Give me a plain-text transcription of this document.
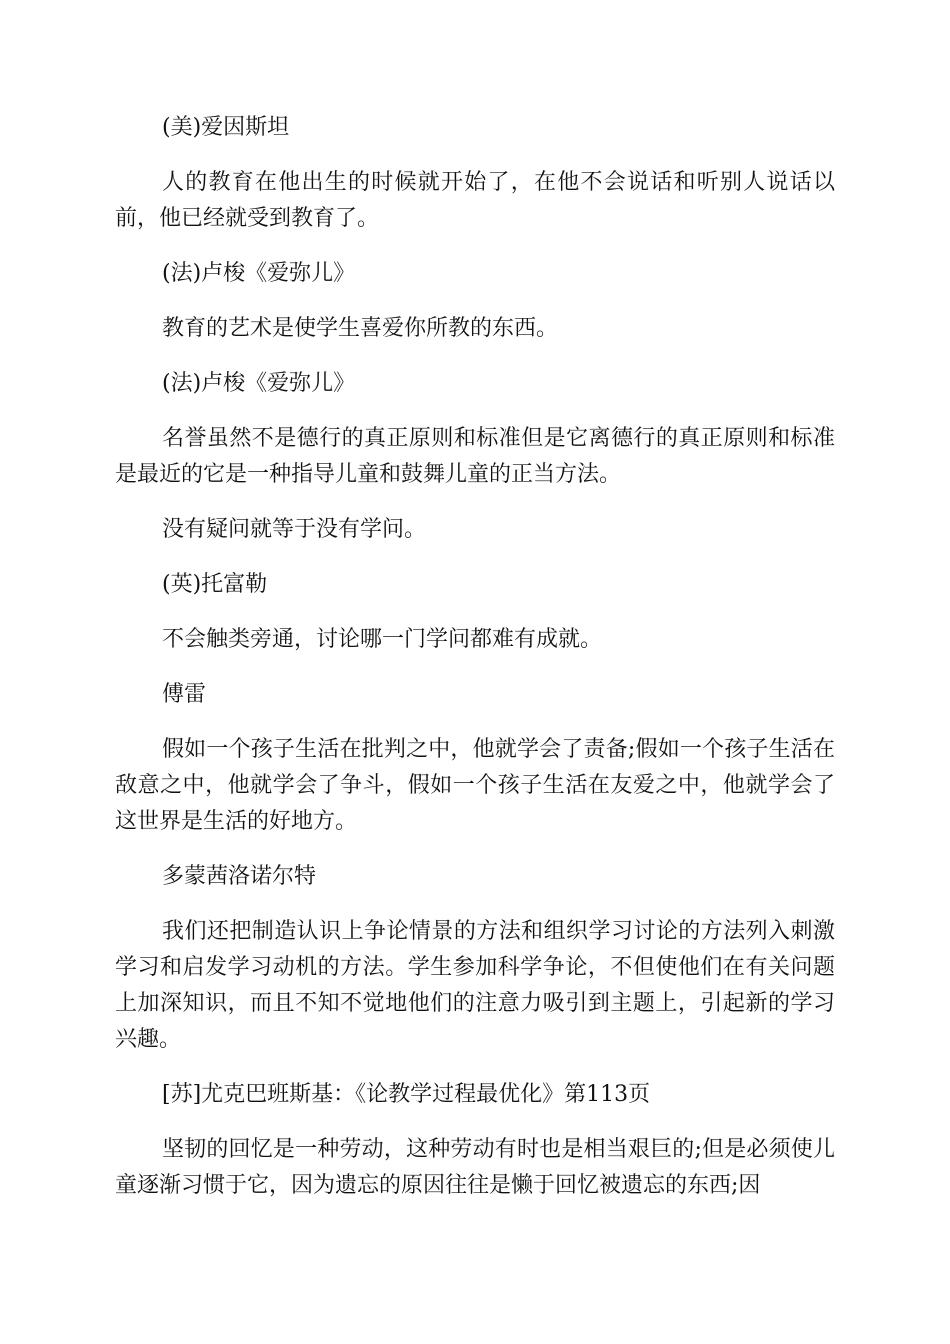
(美)爱因斯坦

人的教育在他出生的时候就开始了，在他不会说话和听别人说话以前，他已经就受到教育了。

(法)卢梭《爱弥儿》

教育的艺术是使学生喜爱你所教的东西。

(法)卢梭《爱弥儿》

名誉虽然不是德行的真正原则和标准但是它离德行的真正原则和标准是最近的它是一种指导儿童和鼓舞儿童的正当方法。

没有疑问就等于没有学问。

(英)托富勒

不会触类旁通，讨论哪一门学问都难有成就。

傅雷

假如一个孩子生活在批判之中，他就学会了责备;假如一个孩子生活在敌意之中，他就学会了争斗，假如一个孩子生活在友爱之中，他就学会了这世界是生活的好地方。

多蒙茜洛诺尔特

我们还把制造认识上争论情景的方法和组织学习讨论的方法列入刺激学习和启发学习动机的方法。学生参加科学争论，不但使他们在有关问题上加深知识，而且不知不觉地他们的注意力吸引到主题上，引起新的学习兴趣。

[苏]尤克巴班斯基：《论教学过程最优化》第113页

坚韧的回忆是一种劳动，这种劳动有时也是相当艰巨的;但是必须使儿童逐渐习惯于它，因为遗忘的原因往往是懒于回忆被遗忘的东西;因
